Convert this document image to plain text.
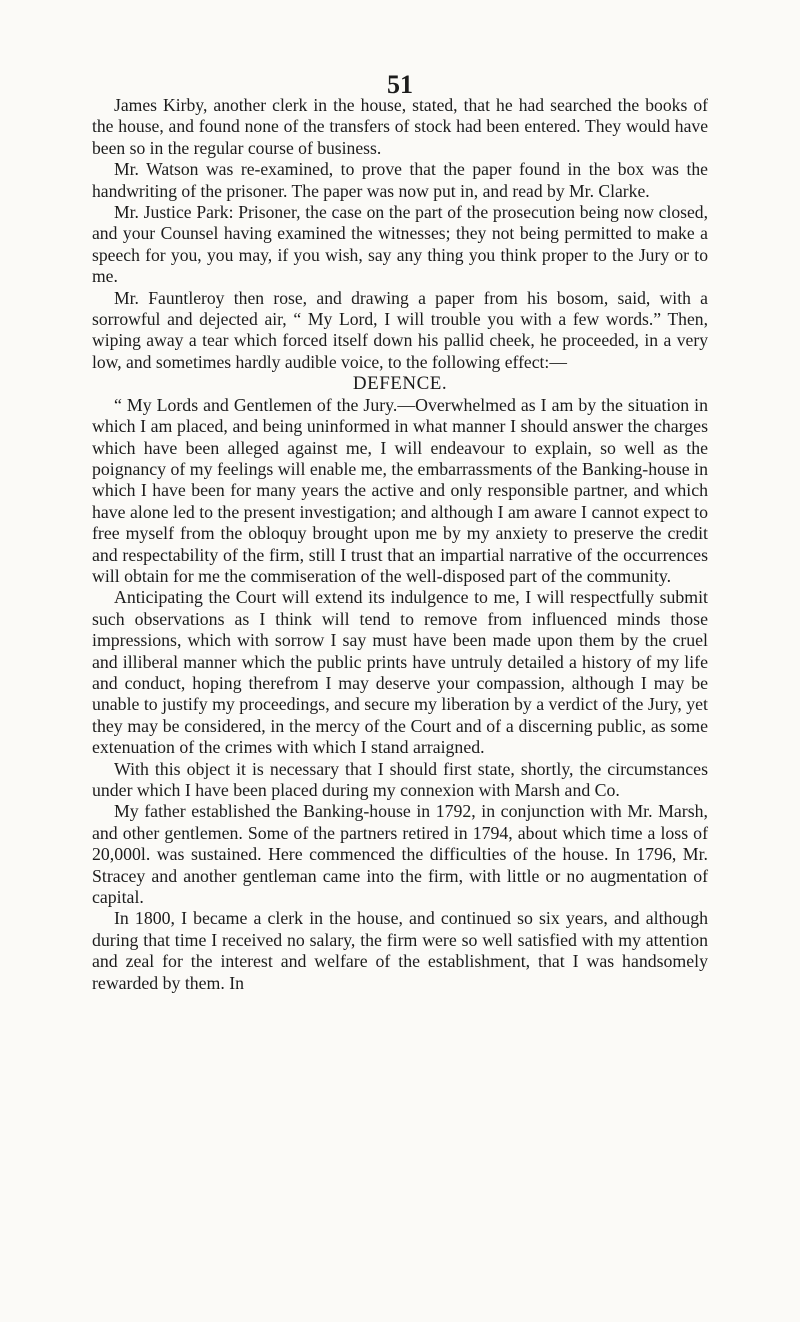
51

James Kirby, another clerk in the house, stated, that he had searched the books of the house, and found none of the transfers of stock had been entered. They would have been so in the regular course of business.

Mr. Watson was re-examined, to prove that the paper found in the box was the handwriting of the prisoner. The paper was now put in, and read by Mr. Clarke.

Mr. Justice Park: Prisoner, the case on the part of the prosecution being now closed, and your Counsel having examined the witnesses; they not being permitted to make a speech for you, you may, if you wish, say any thing you think proper to the Jury or to me.

Mr. Fauntleroy then rose, and drawing a paper from his bosom, said, with a sorrowful and dejected air, “ My Lord, I will trouble you with a few words.” Then, wiping away a tear which forced itself down his pallid cheek, he proceeded, in a very low, and sometimes hardly audible voice, to the following effect:—

DEFENCE.

“ My Lords and Gentlemen of the Jury.—Overwhelmed as I am by the situation in which I am placed, and being uninformed in what manner I should answer the charges which have been alleged against me, I will endeavour to explain, so well as the poignancy of my feelings will enable me, the embarrassments of the Banking-house in which I have been for many years the active and only responsible partner, and which have alone led to the present investigation; and although I am aware I cannot expect to free myself from the obloquy brought upon me by my anxiety to preserve the credit and respectability of the firm, still I trust that an impartial narrative of the occurrences will obtain for me the commiseration of the well-disposed part of the community.

Anticipating the Court will extend its indulgence to me, I will respectfully submit such observations as I think will tend to remove from influenced minds those impressions, which with sorrow I say must have been made upon them by the cruel and illiberal manner which the public prints have untruly detailed a history of my life and conduct, hoping therefrom I may deserve your compassion, although I may be unable to justify my proceedings, and secure my liberation by a verdict of the Jury, yet they may be considered, in the mercy of the Court and of a discerning public, as some extenuation of the crimes with which I stand arraigned.

With this object it is necessary that I should first state, shortly, the circumstances under which I have been placed during my connexion with Marsh and Co.

My father established the Banking-house in 1792, in conjunction with Mr. Marsh, and other gentlemen. Some of the partners retired in 1794, about which time a loss of 20,000l. was sustained. Here commenced the difficulties of the house. In 1796, Mr. Stracey and another gentleman came into the firm, with little or no augmentation of capital.

In 1800, I became a clerk in the house, and continued so six years, and although during that time I received no salary, the firm were so well satisfied with my attention and zeal for the interest and welfare of the establishment, that I was handsomely rewarded by them. In
